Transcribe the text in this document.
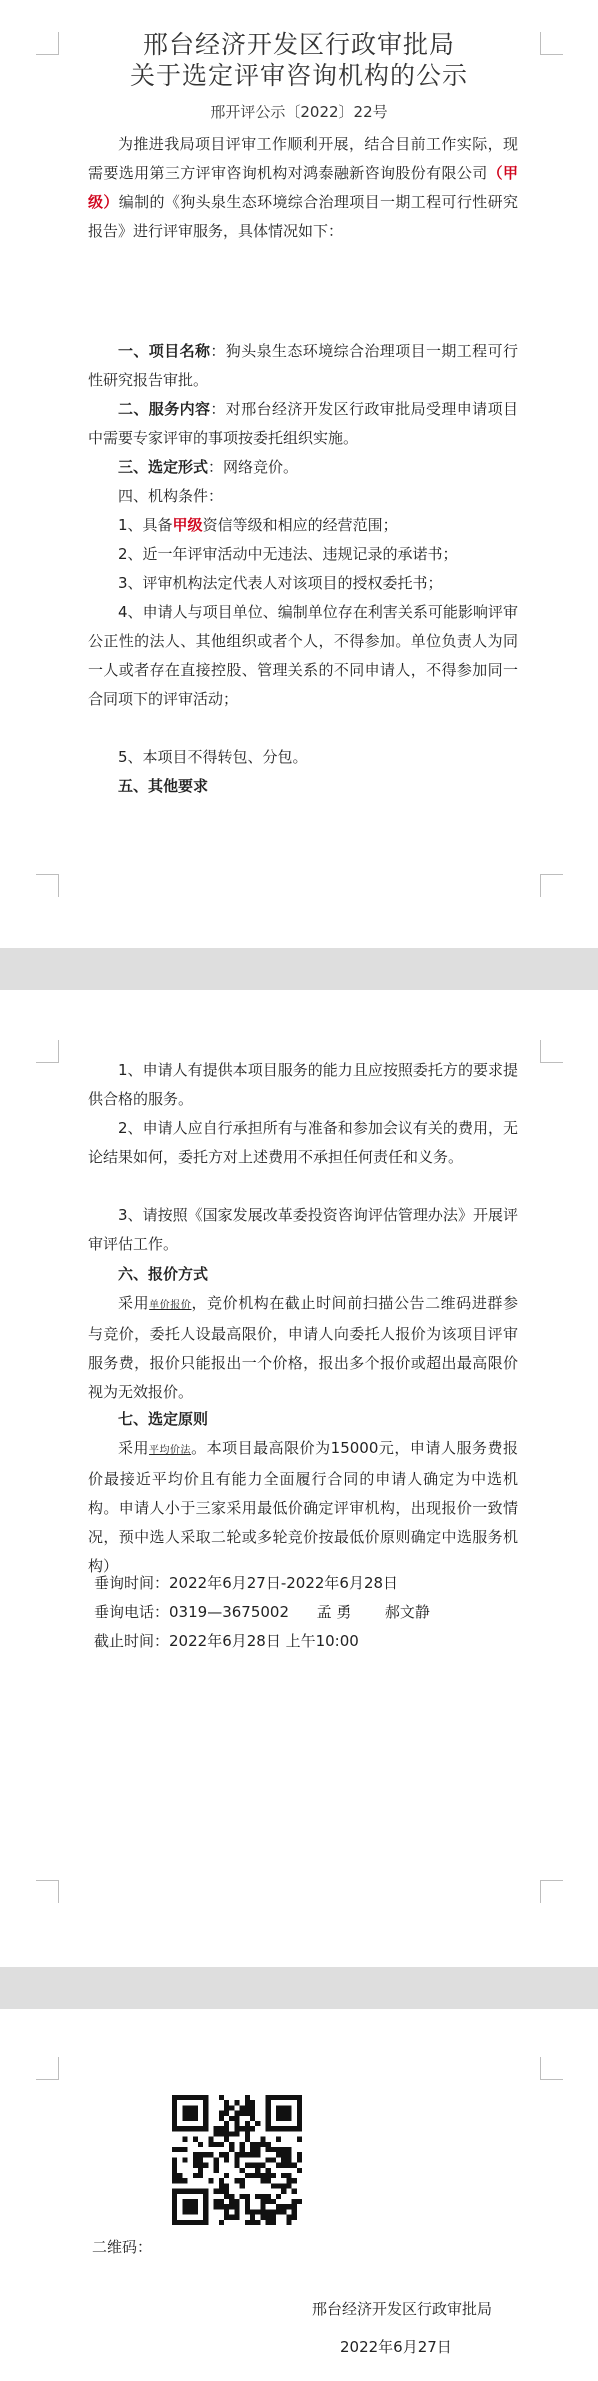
邢台经济开发区行政审批局
关于选定评审咨询机构的公示
邢开评公示〔2022〕22号
为推进我局项目评审工作顺利开展，结合目前工作实际，现需要选用第三方评审咨询机构对鸿泰融新咨询股份有限公司（甲级）编制的《狗头泉生态环境综合治理项目一期工程可行性研究报告》进行评审服务，具体情况如下：
一、项目名称：狗头泉生态环境综合治理项目一期工程可行性研究报告审批。
二、服务内容：对邢台经济开发区行政审批局受理申请项目中需要专家评审的事项按委托组织实施。
三、选定形式：网络竞价。
四、机构条件：
1、具备甲级资信等级和相应的经营范围；
2、近一年评审活动中无违法、违规记录的承诺书；
3、评审机构法定代表人对该项目的授权委托书；
4、申请人与项目单位、编制单位存在利害关系可能影响评审公正性的法人、其他组织或者个人，不得参加。单位负责人为同一人或者存在直接控股、管理关系的不同申请人，不得参加同一合同项下的评审活动；
5、本项目不得转包、分包。
五、其他要求
1、申请人有提供本项目服务的能力且应按照委托方的要求提供合格的服务。
2、申请人应自行承担所有与准备和参加会议有关的费用，无论结果如何，委托方对上述费用不承担任何责任和义务。
3、请按照《国家发展改革委投资咨询评估管理办法》开展评审评估工作。
六、报价方式
采用单价报价，竞价机构在截止时间前扫描公告二维码进群参与竞价，委托人设最高限价，申请人向委托人报价为该项目评审服务费，报价只能报出一个价格，报出多个报价或超出最高限价视为无效报价。
七、选定原则
采用平均价法。本项目最高限价为15000元，申请人服务费报价最接近平均价且有能力全面履行合同的申请人确定为中选机构。申请人小于三家采用最低价确定评审机构，出现报价一致情况，预中选人采取二轮或多轮竞价按最低价原则确定中选服务机构）
垂询时间：2022年6月27日-2022年6月28日
垂询电话：0319—3675002 孟 勇 郝文静
截止时间：2022年6月28日 上午10:00
二维码：
邢台经济开发区行政审批局
2022年6月27日
